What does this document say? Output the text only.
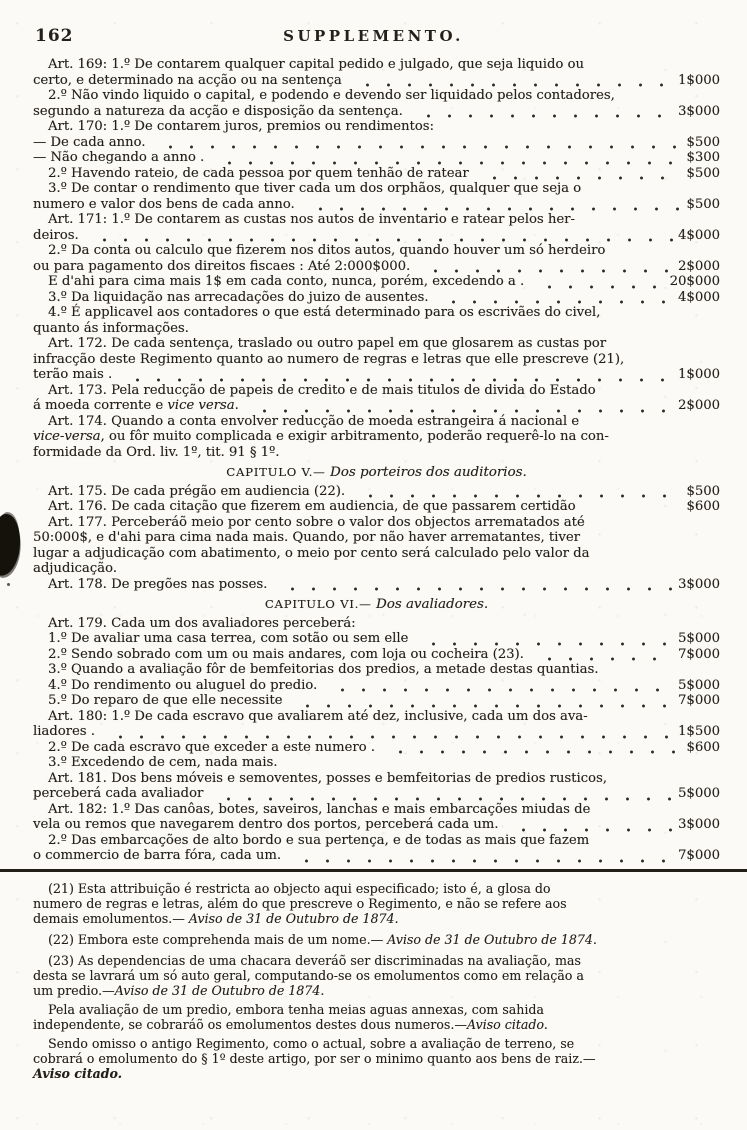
162	SUPPLEMENTO.
Art. 169: 1.º De contarem qualquer capital pedido e julgado, que seja liquido ou
certo, e determinado na acção ou na sentença	1$000
2.º Não vindo liquido o capital, e podendo e devendo ser liquidado pelos contadores,
segundo a natureza da acção e disposição da sentença.	3$000
Art. 170: 1.º De contarem juros, premios ou rendimentos:
— De cada anno.	$500
— Não chegando a anno .	$300
2.º Havendo rateio, de cada pessoa por quem tenhão de ratear	$500
3.º De contar o rendimento que tiver cada um dos orphãos, qualquer que seja o
numero e valor dos bens de cada anno.	$500
Art. 171: 1.º De contarem as custas nos autos de inventario e ratear pelos her-
deiros.	4$000
2.º Da conta ou calculo que fizerem nos ditos autos, quando houver um só herdeiro
ou para pagamento dos direitos fiscaes : Até 2:000$000.	2$000
E d'ahi para cima mais 1$ em cada conto, nunca, porém, excedendo a .	20$000
3.º Da liquidação nas arrecadações do juizo de ausentes.	4$000
4.º É applicavel aos contadores o que está determinado para os escrivães do civel,
quanto ás informações.
Art. 172. De cada sentença, traslado ou outro papel em que glosarem as custas por
infracção deste Regimento quanto ao numero de regras e letras que elle prescreve (21),
terão mais .	1$000
Art. 173. Pela reducção de papeis de credito e de mais titulos de divida do Estado
á moeda corrente e vice versa .	2$000
Art. 174. Quando a conta envolver reducção de moeda estrangeira á nacional e
vice-versa , ou fôr muito complicada e exigir arbitramento, poderão requerê-lo na con-
formidade da Ord. liv. 1º, tit. 91 § 1º.
CAPITULO V.— Dos porteiros dos auditorios.
Art. 175. De cada prégão em audiencia (22).	$500
Art. 176. De cada citação que fizerem em audiencia, de que passarem certidão	$600
Art. 177. Perceberáõ meio por cento sobre o valor dos objectos arrematados até
50:000$, e d'ahi para cima nada mais. Quando, por não haver arrematantes, tiver
lugar a adjudicação com abatimento, o meio por cento será calculado pelo valor da
adjudicação.
Art. 178. De pregões nas posses.	3$000
CAPITULO VI.— Dos avaliadores.
Art. 179. Cada um dos avaliadores perceberá:
1.º De avaliar uma casa terrea, com sotão ou sem elle	5$000
2.º Sendo sobrado com um ou mais andares, com loja ou cocheira (23).	7$000
3.º Quando a avaliação fôr de bemfeitorias dos predios, a metade destas quantias.
4.º Do rendimento ou aluguel do predio.	5$000
5.º Do reparo de que elle necessite	7$000
Art. 180: 1.º De cada escravo que avaliarem até dez, inclusive, cada um dos ava-
liadores .	1$500
2.º De cada escravo que exceder a este numero .	$600
3.º Excedendo de cem, nada mais.
Art. 181. Dos bens móveis e semoventes, posses e bemfeitorias de predios rusticos,
perceberá cada avaliador	5$000
Art. 182: 1.º Das canôas, botes, saveiros, lanchas e mais embarcações miudas de
vela ou remos que navegarem dentro dos portos, perceberá cada um.	3$000
2.º Das embarcações de alto bordo e sua pertença, e de todas as mais que fazem
o commercio de barra fóra, cada um.	7$000
(21) Esta attribuição é restricta ao objecto aqui especificado; isto é, a glosa do
numero de regras e letras, além do que prescreve o Regimento, e não se refere aos
demais emolumentos.— Aviso de 31 de Outubro de 1874.
(22) Embora este comprehenda mais de um nome.— Aviso de 31 de Outubro de 1874.
(23) As dependencias de uma chacara deveráõ ser discriminadas na avaliação, mas
desta se lavrará um só auto geral, computando-se os emolumentos como em relação a
um predio.— Aviso de 31 de Outubro de 1874.
Pela avaliação de um predio, embora tenha meias aguas annexas, com sahida
independente, se cobraráõ os emolumentos destes dous numeros.— Aviso citado.
Sendo omisso o antigo Regimento, como o actual, sobre a avaliação de terreno, se
cobrará o emolumento do § 1º deste artigo, por ser o minimo quanto aos bens de raiz.—
Aviso citado.
